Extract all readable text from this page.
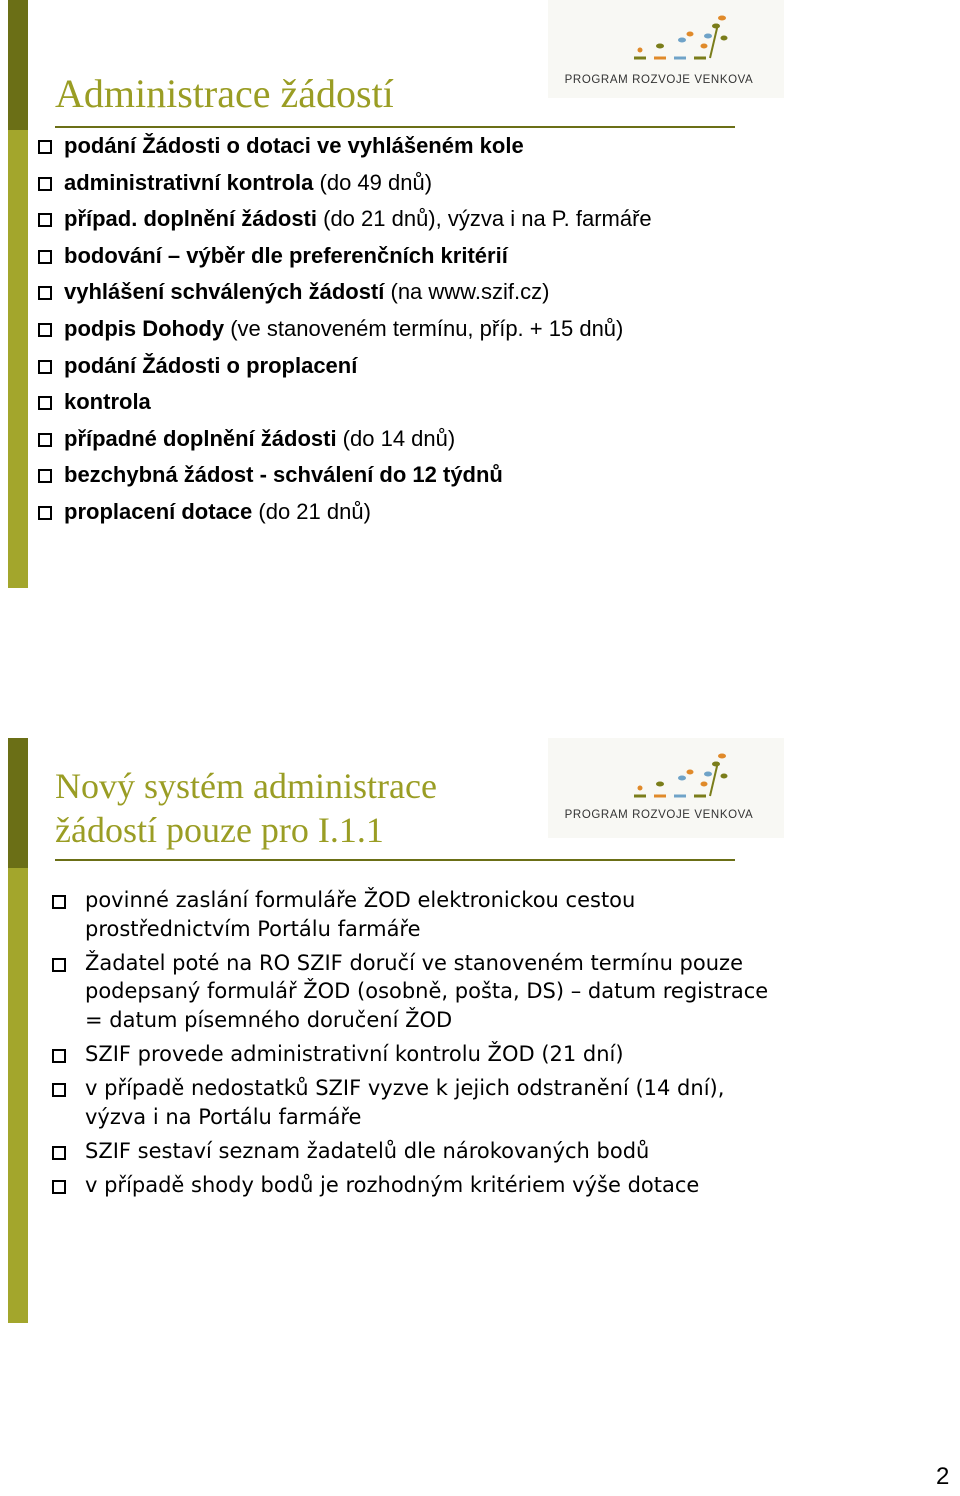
Administrace žádostí	PROGRAM ROZVOJE VENKOVA
podání Žádosti o dotaci ve vyhlášeném kole
administrativní kontrola (do 49 dnů)
případ. doplnění žádosti (do 21 dnů), výzva i na P. farmáře
bodování – výběr dle preferenčních kritérií
vyhlášení schválených žádostí (na www.szif.cz)
podpis Dohody (ve stanoveném termínu, příp. + 15 dnů)
podání Žádosti o proplacení
kontrola
případné doplnění žádosti (do 14 dnů)
bezchybná žádost - schválení do 12 týdnů
proplacení dotace (do 21 dnů)
Nový systém administrace
žádostí pouze pro I.1.1	PROGRAM ROZVOJE VENKOVA
povinné zaslání formuláře ŽOD elektronickou cestou prostřednictvím Portálu farmáře
Žadatel poté na RO SZIF doručí ve stanoveném termínu pouze podepsaný formulář ŽOD (osobně, pošta, DS) – datum registrace = datum písemného doručení ŽOD
SZIF provede administrativní kontrolu ŽOD (21 dní)
v případě nedostatků SZIF vyzve k jejich odstranění (14 dní), výzva i na Portálu farmáře
SZIF sestaví seznam žadatelů dle nárokovaných bodů
v případě shody bodů je rozhodným kritériem výše dotace
2
